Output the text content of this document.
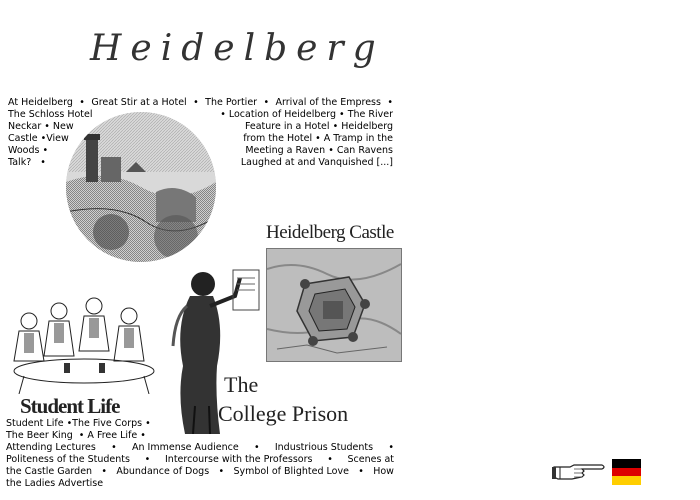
Heidelberg
At Heidelberg • Great Stir at a Hotel • The Portier • Arrival of the Empress •
The Schloss Hotel	• Location of Heidelberg • The River
Neckar • New	Feature in a Hotel • Heidelberg
Castle • View	from the Hotel • A Tramp in the
Woods •	Meeting a Raven • Can Ravens
Talk? •	Laughed at and Vanquished [...]
Heidelberg Castle
Student Life
The
College Prison
Student Life • The Five Corps •
The Beer King • A Free Life •
Attending Lectures • An Immense Audience • Industrious Students •
Politeness of the Students • Intercourse with the Professors • Scenes at
the Castle Garden • Abundance of Dogs • Symbol of Blighted Love • How
the Ladies Advertise
